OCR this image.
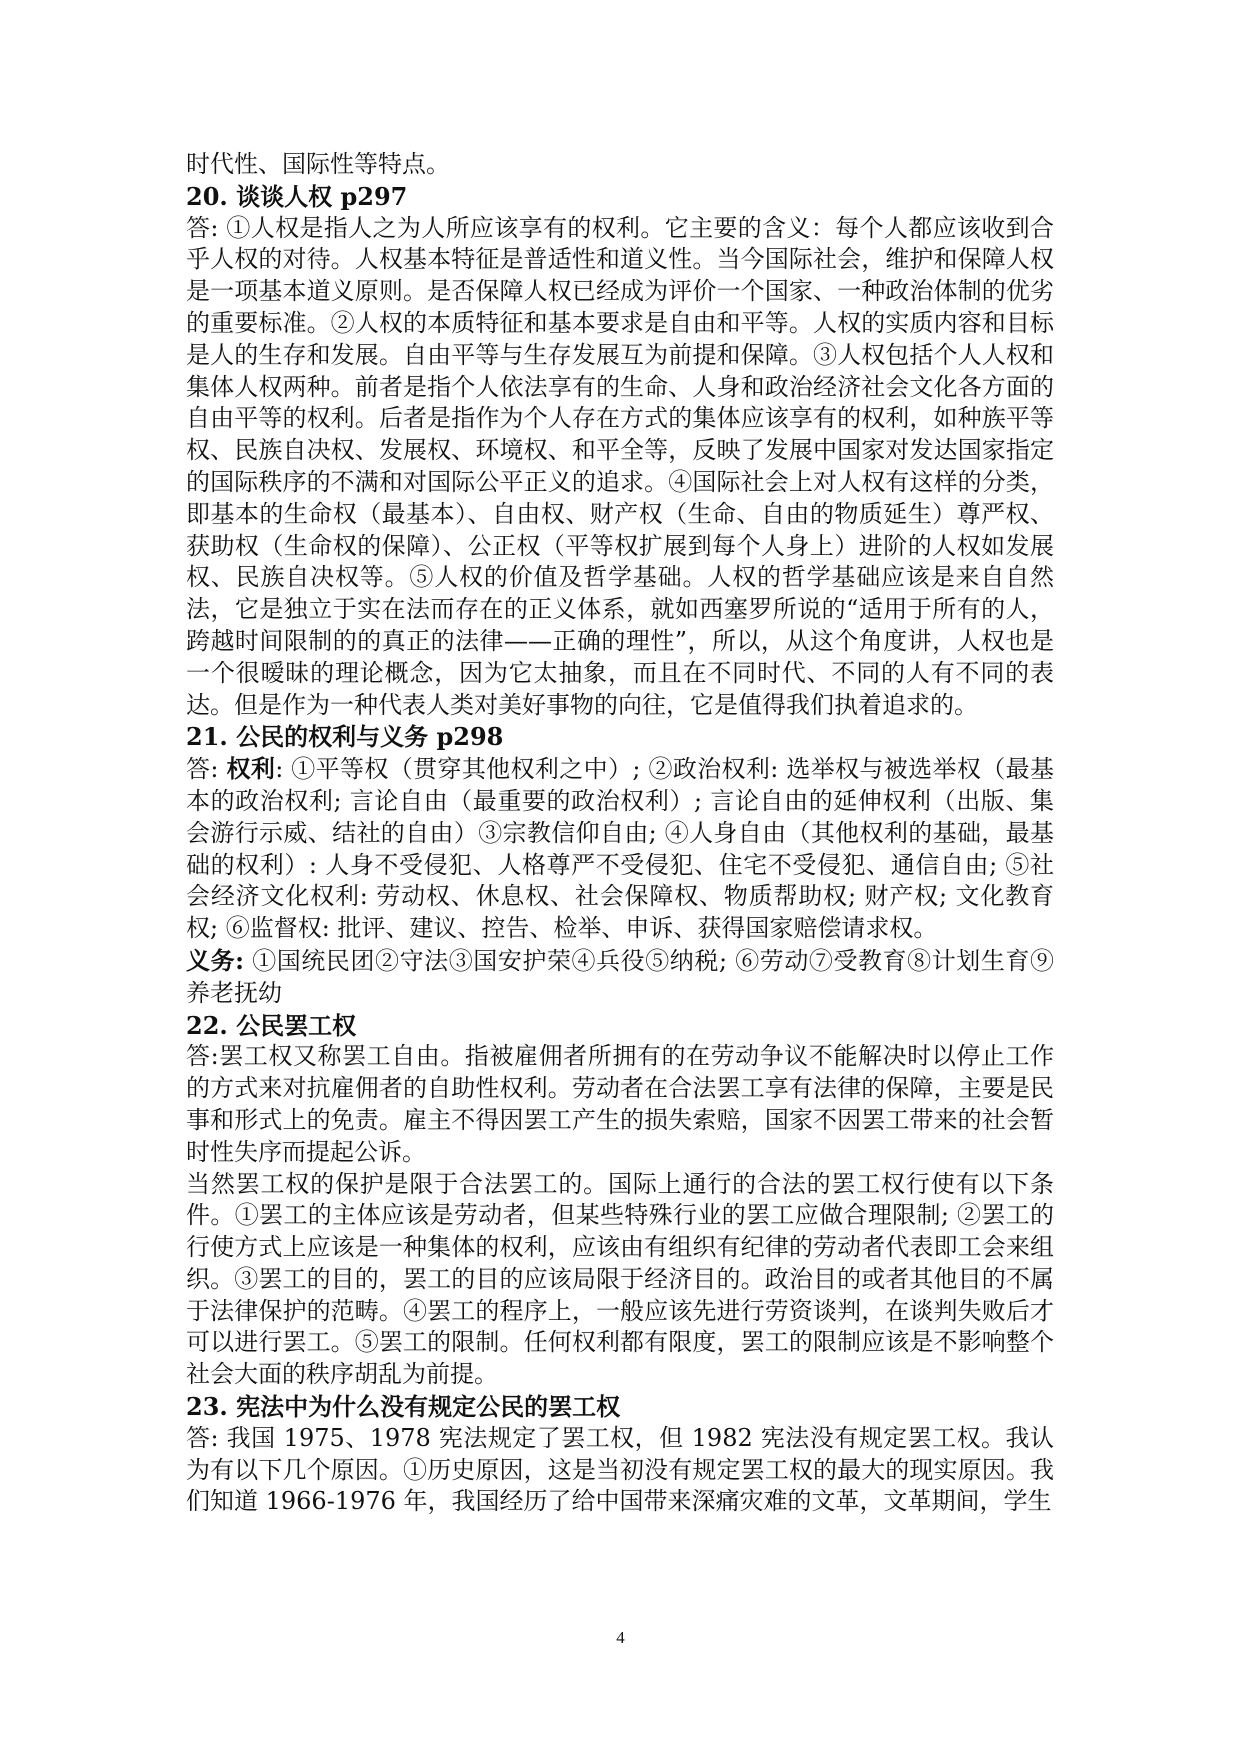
时代性、国际性等特点。

20. 谈谈人权 p297

答: ①人权是指人之为人所应该享有的权利。它主要的含义：每个人都应该收到合乎人权的对待。人权基本特征是普适性和道义性。当今国际社会，维护和保障人权是一项基本道义原则。是否保障人权已经成为评价一个国家、一种政治体制的优劣的重要标准。②人权的本质特征和基本要求是自由和平等。人权的实质内容和目标是人的生存和发展。自由平等与生存发展互为前提和保障。③人权包括个人人权和集体人权两种。前者是指个人依法享有的生命、人身和政治经济社会文化各方面的自由平等的权利。后者是指作为个人存在方式的集体应该享有的权利，如种族平等权、民族自决权、发展权、环境权、和平全等，反映了发展中国家对发达国家指定的国际秩序的不满和对国际公平正义的追求。④国际社会上对人权有这样的分类，即基本的生命权（最基本）、自由权、财产权（生命、自由的物质延生）尊严权、获助权（生命权的保障）、公正权（平等权扩展到每个人身上）进阶的人权如发展权、民族自决权等。⑤人权的价值及哲学基础。人权的哲学基础应该是来自自然法，它是独立于实在法而存在的正义体系，就如西塞罗所说的“适用于所有的人，跨越时间限制的的真正的法律——正确的理性”，所以，从这个角度讲，人权也是一个很暧昧的理论概念，因为它太抽象，而且在不同时代、不同的人有不同的表达。但是作为一种代表人类对美好事物的向往，它是值得我们执着追求的。

21. 公民的权利与义务 p298

答: 权利: ①平等权（贯穿其他权利之中）; ②政治权利: 选举权与被选举权（最基本的政治权利; 言论自由（最重要的政治权利）; 言论自由的延伸权利（出版、集会游行示威、结社的自由）③宗教信仰自由; ④人身自由（其他权利的基础，最基础的权利）: 人身不受侵犯、人格尊严不受侵犯、住宅不受侵犯、通信自由; ⑤社会经济文化权利: 劳动权、休息权、社会保障权、物质帮助权; 财产权; 文化教育权; ⑥监督权: 批评、建议、控告、检举、申诉、获得国家赔偿请求权。

义务: ①国统民团②守法③国安护荣④兵役⑤纳税; ⑥劳动⑦受教育⑧计划生育⑨养老抚幼

22. 公民罢工权

答:罢工权又称罢工自由。指被雇佣者所拥有的在劳动争议不能解决时以停止工作的方式来对抗雇佣者的自助性权利。劳动者在合法罢工享有法律的保障，主要是民事和形式上的免责。雇主不得因罢工产生的损失索赔，国家不因罢工带来的社会暂时性失序而提起公诉。

当然罢工权的保护是限于合法罢工的。国际上通行的合法的罢工权行使有以下条件。①罢工的主体应该是劳动者，但某些特殊行业的罢工应做合理限制; ②罢工的行使方式上应该是一种集体的权利，应该由有组织有纪律的劳动者代表即工会来组织。③罢工的目的，罢工的目的应该局限于经济目的。政治目的或者其他目的不属于法律保护的范畴。④罢工的程序上，一般应该先进行劳资谈判，在谈判失败后才可以进行罢工。⑤罢工的限制。任何权利都有限度，罢工的限制应该是不影响整个社会大面的秩序胡乱为前提。

23. 宪法中为什么没有规定公民的罢工权

答: 我国 1975、1978 宪法规定了罢工权，但 1982 宪法没有规定罢工权。我认为有以下几个原因。①历史原因，这是当初没有规定罢工权的最大的现实原因。我们知道 1966-1976 年，我国经历了给中国带来深痛灾难的文革，文革期间，学生

4
